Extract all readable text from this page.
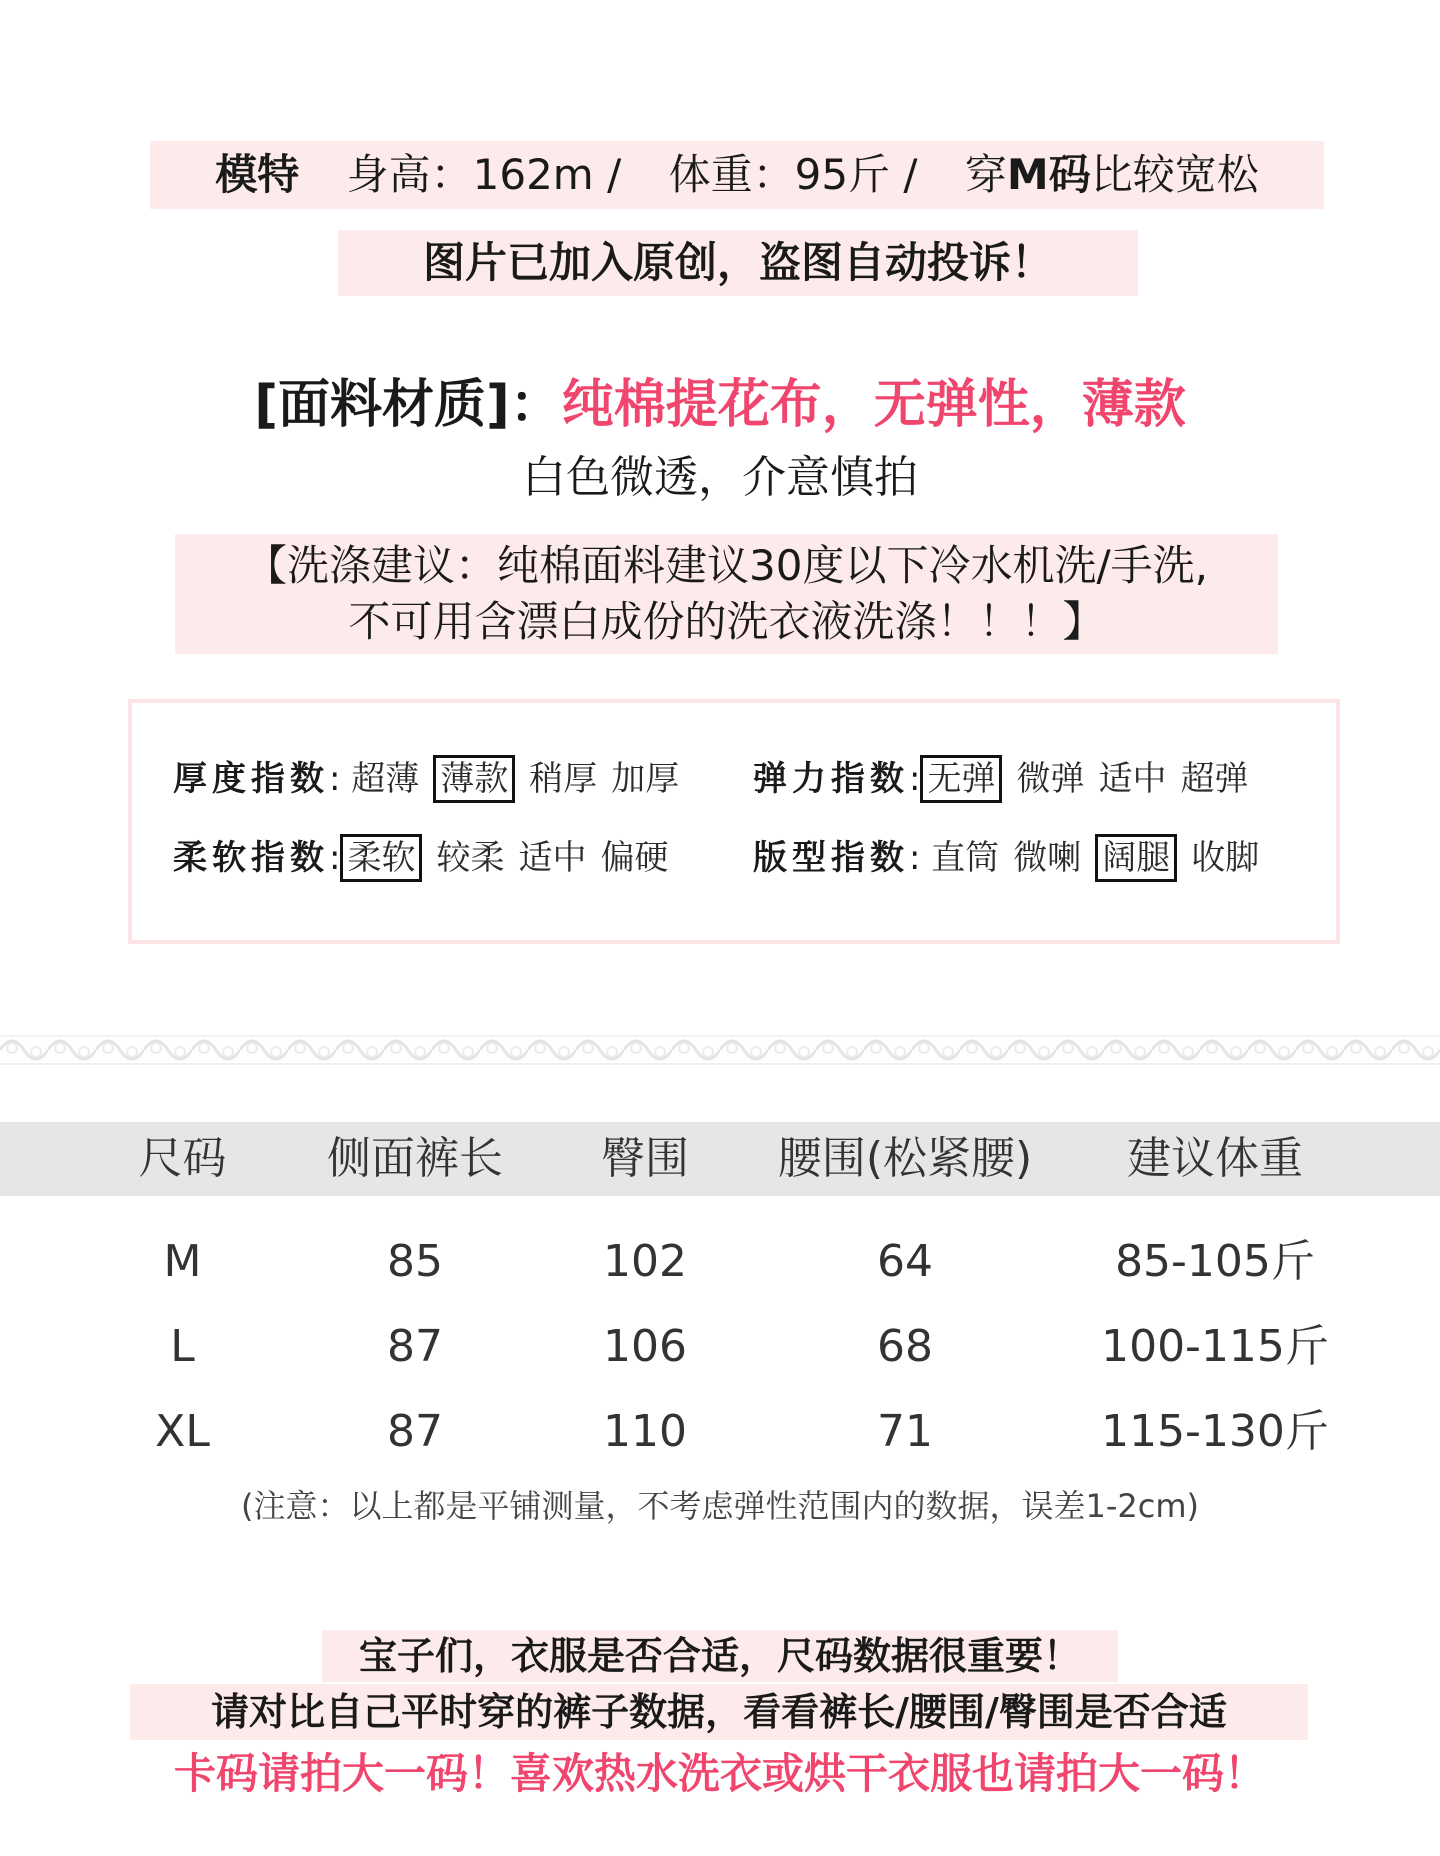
模特 身高：162m / 体重：95斤 / 穿M码比较宽松
图片已加入原创，盗图自动投诉！
[面料材质]：纯棉提花布，无弹性，薄款
白色微透，介意慎拍
【洗涤建议：纯棉面料建议30度以下冷水机洗/手洗,
不可用含漂白成份的洗衣液洗涤！！！】
厚度指数: 超薄 薄款 稍厚 加厚	弹力指数: 无弹 微弹 适中 超弹
柔软指数: 柔软 较柔 适中 偏硬	版型指数: 直筒 微喇 阔腿 收脚
尺码	侧面裤长	臀围	腰围(松紧腰)	建议体重
M	85	102	64	85-105斤
L	87	106	68	100-115斤
XL	87	110	71	115-130斤
(注意：以上都是平铺测量，不考虑弹性范围内的数据，误差1-2cm)
宝子们，衣服是否合适，尺码数据很重要！
请对比自己平时穿的裤子数据，看看裤长/腰围/臀围是否合适
卡码请拍大一码！喜欢热水洗衣或烘干衣服也请拍大一码！
